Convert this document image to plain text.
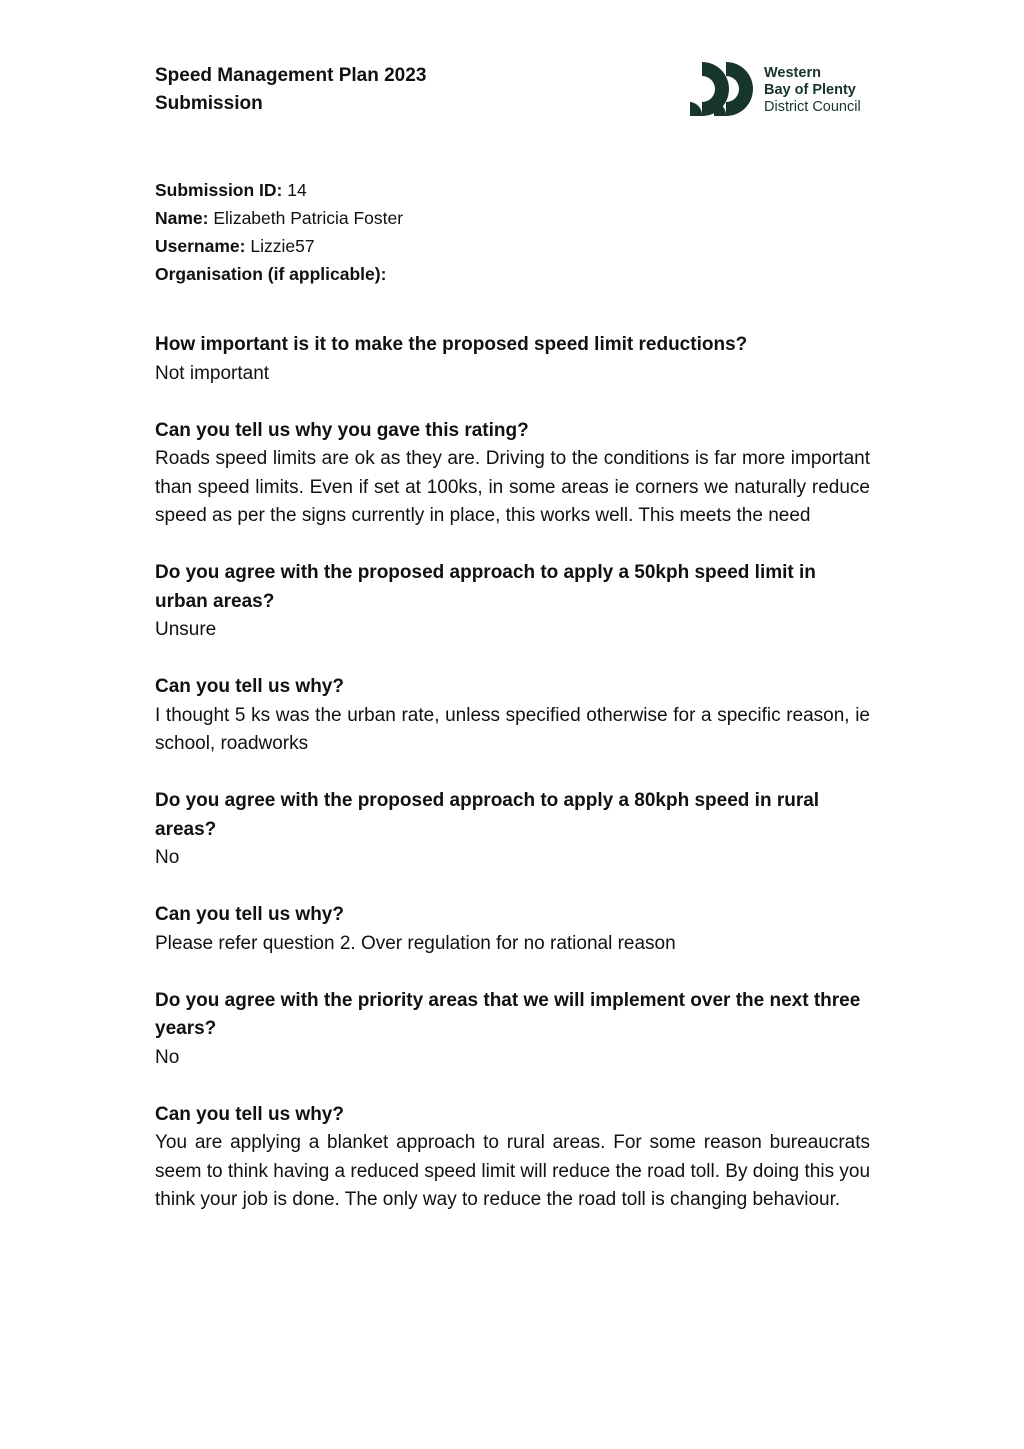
Speed Management Plan 2023
Submission
Western
Bay of Plenty
District Council
Submission ID: 14
Name: Elizabeth Patricia Foster
Username: Lizzie57
Organisation (if applicable):
How important is it to make the proposed speed limit reductions?
Not important
Can you tell us why you gave this rating?
Roads speed limits are ok as they are. Driving to the conditions is far more important than speed limits. Even if set at 100ks, in some areas ie corners we naturally reduce speed as per the signs currently in place, this works well. This meets the need
Do you agree with the proposed approach to apply a 50kph speed limit in urban areas?
Unsure
Can you tell us why?
I thought 5 ks was the urban rate, unless specified otherwise for a specific reason, ie school, roadworks
Do you agree with the proposed approach to apply a 80kph speed in rural areas?
No
Can you tell us why?
Please refer question 2. Over regulation for no rational reason
Do you agree with the priority areas that we will implement over the next three years?
No
Can you tell us why?
You are applying a blanket approach to rural areas. For some reason bureaucrats seem to think having a reduced speed limit will reduce the road toll. By doing this you think your job is done. The only way to reduce the road toll is changing behaviour.
